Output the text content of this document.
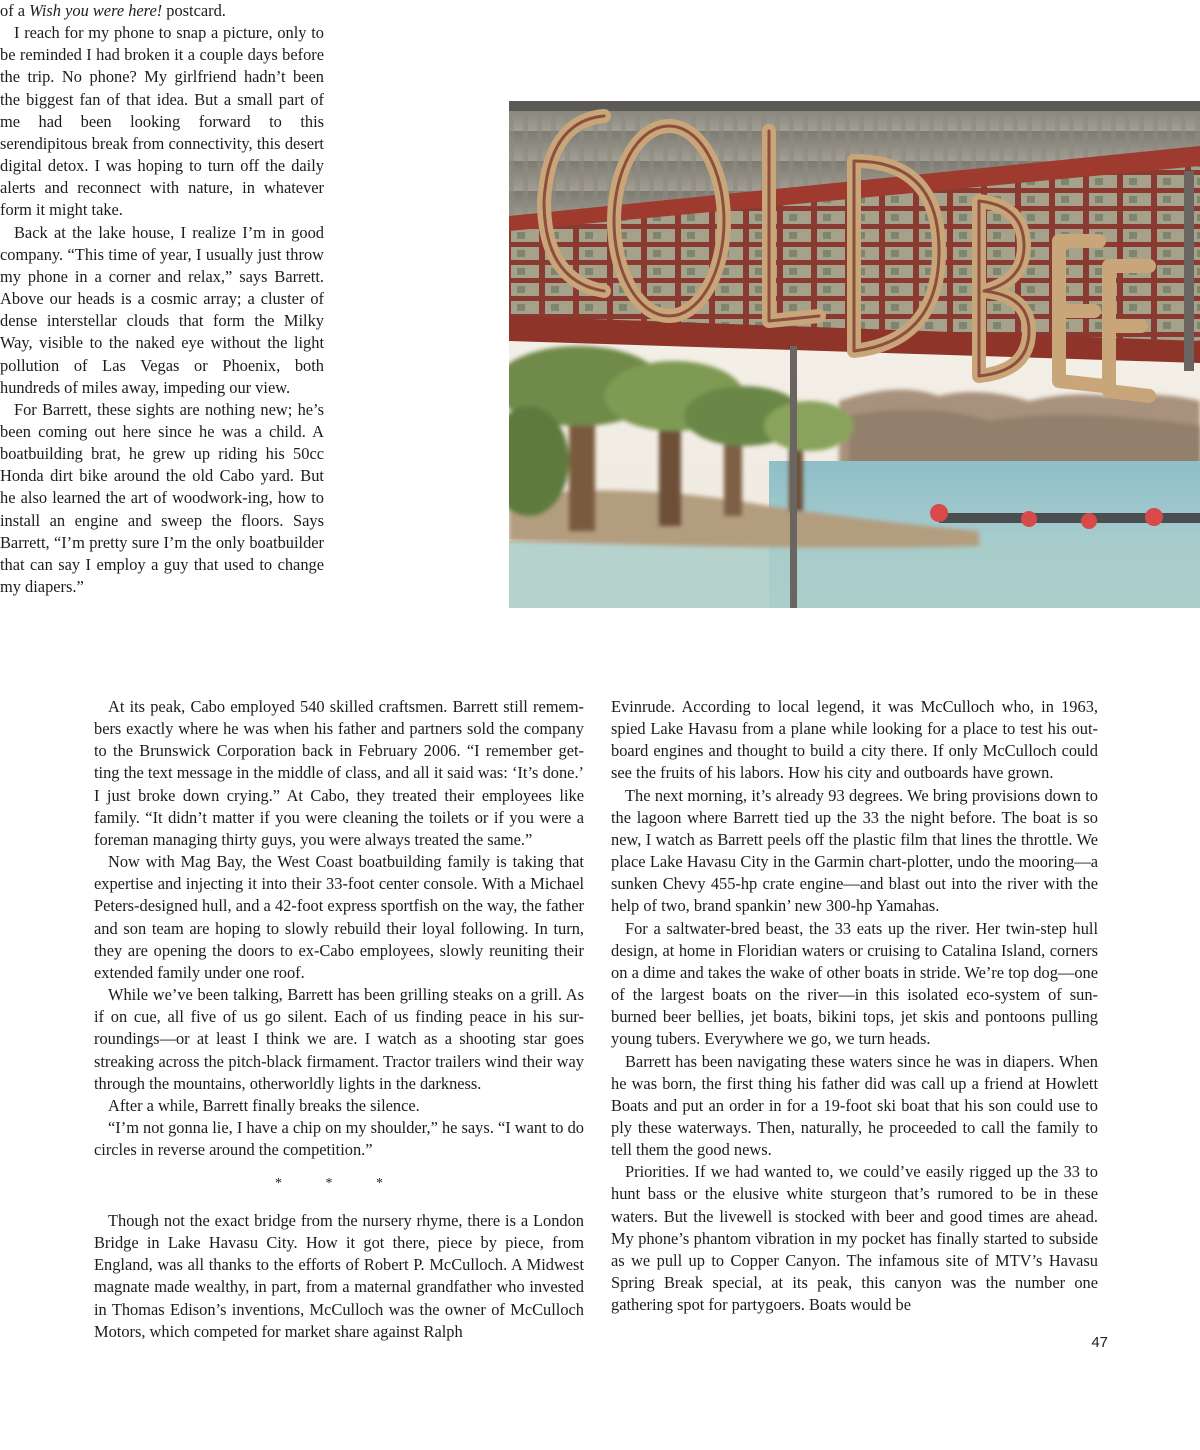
of a Wish you were here! postcard.

I reach for my phone to snap a picture, only to be reminded I had broken it a couple days before the trip. No phone? My girlfriend hadn’t been the biggest fan of that idea. But a small part of me had been looking forward to this serendipitous break from connectivity, this desert digital detox. I was hoping to turn off the daily alerts and reconnect with nature, in whatever form it might take.

Back at the lake house, I realize I’m in good company. “This time of year, I usually just throw my phone in a corner and relax,” says Barrett. Above our heads is a cosmic array; a cluster of dense interstellar clouds that form the Milky Way, visible to the naked eye without the light pollution of Las Vegas or Phoenix, both hundreds of miles away, impeding our view.

For Barrett, these sights are nothing new; he’s been coming out here since he was a child. A boatbuilding brat, he grew up riding his 50cc Honda dirt bike around the old Cabo yard. But he also learned the art of woodwork-ing, how to install an engine and sweep the floors. Says Barrett, “I’m pretty sure I’m the only boatbuilder that can say I employ a guy that used to change my diapers.”

At its peak, Cabo employed 540 skilled craftsmen. Barrett still remem-bers exactly where he was when his father and partners sold the company to the Brunswick Corporation back in February 2006. “I remember get-ting the text message in the middle of class, and all it said was: ‘It’s done.’ I just broke down crying.” At Cabo, they treated their employees like family. “It didn’t matter if you were cleaning the toilets or if you were a foreman managing thirty guys, you were always treated the same.”

Now with Mag Bay, the West Coast boatbuilding family is taking that expertise and injecting it into their 33-foot center console. With a Michael Peters-designed hull, and a 42-foot express sportfish on the way, the father and son team are hoping to slowly rebuild their loyal following. In turn, they are opening the doors to ex-Cabo employees, slowly reuniting their extended family under one roof.

While we’ve been talking, Barrett has been grilling steaks on a grill. As if on cue, all five of us go silent. Each of us finding peace in his sur-roundings—or at least I think we are. I watch as a shooting star goes streaking across the pitch-black firmament. Tractor trailers wind their way through the mountains, otherworldly lights in the darkness.

After a while, Barrett finally breaks the silence.

“I’m not gonna lie, I have a chip on my shoulder,” he says. “I want to do circles in reverse around the competition.”

* * *

Though not the exact bridge from the nursery rhyme, there is a London Bridge in Lake Havasu City. How it got there, piece by piece, from England, was all thanks to the efforts of Robert P. McCulloch. A Midwest magnate made wealthy, in part, from a maternal grandfather who invested in Thomas Edison’s inventions, McCulloch was the owner of McCulloch Motors, which competed for market share against Ralph

Evinrude. According to local legend, it was McCulloch who, in 1963, spied Lake Havasu from a plane while looking for a place to test his out-board engines and thought to build a city there. If only McCulloch could see the fruits of his labors. How his city and outboards have grown.

The next morning, it’s already 93 degrees. We bring provisions down to the lagoon where Barrett tied up the 33 the night before. The boat is so new, I watch as Barrett peels off the plastic film that lines the throttle. We place Lake Havasu City in the Garmin chart-plotter, undo the mooring—a sunken Chevy 455-hp crate engine—and blast out into the river with the help of two, brand spankin’ new 300-hp Yamahas.

For a saltwater-bred beast, the 33 eats up the river. Her twin-step hull design, at home in Floridian waters or cruising to Catalina Island, corners on a dime and takes the wake of other boats in stride. We’re top dog—one of the largest boats on the river—in this isolated eco-system of sun-burned beer bellies, jet boats, bikini tops, jet skis and pontoons pulling young tubers. Everywhere we go, we turn heads.

Barrett has been navigating these waters since he was in diapers. When he was born, the first thing his father did was call up a friend at Howlett Boats and put an order in for a 19-foot ski boat that his son could use to ply these waterways. Then, naturally, he proceeded to call the family to tell them the good news.

Priorities. If we had wanted to, we could’ve easily rigged up the 33 to hunt bass or the elusive white sturgeon that’s rumored to be in these waters. But the livewell is stocked with beer and good times are ahead. My phone’s phantom vibration in my pocket has finally started to subside as we pull up to Copper Canyon. The infamous site of MTV’s Havasu Spring Break special, at its peak, this canyon was the number one gathering spot for partygoers. Boats would be

47
